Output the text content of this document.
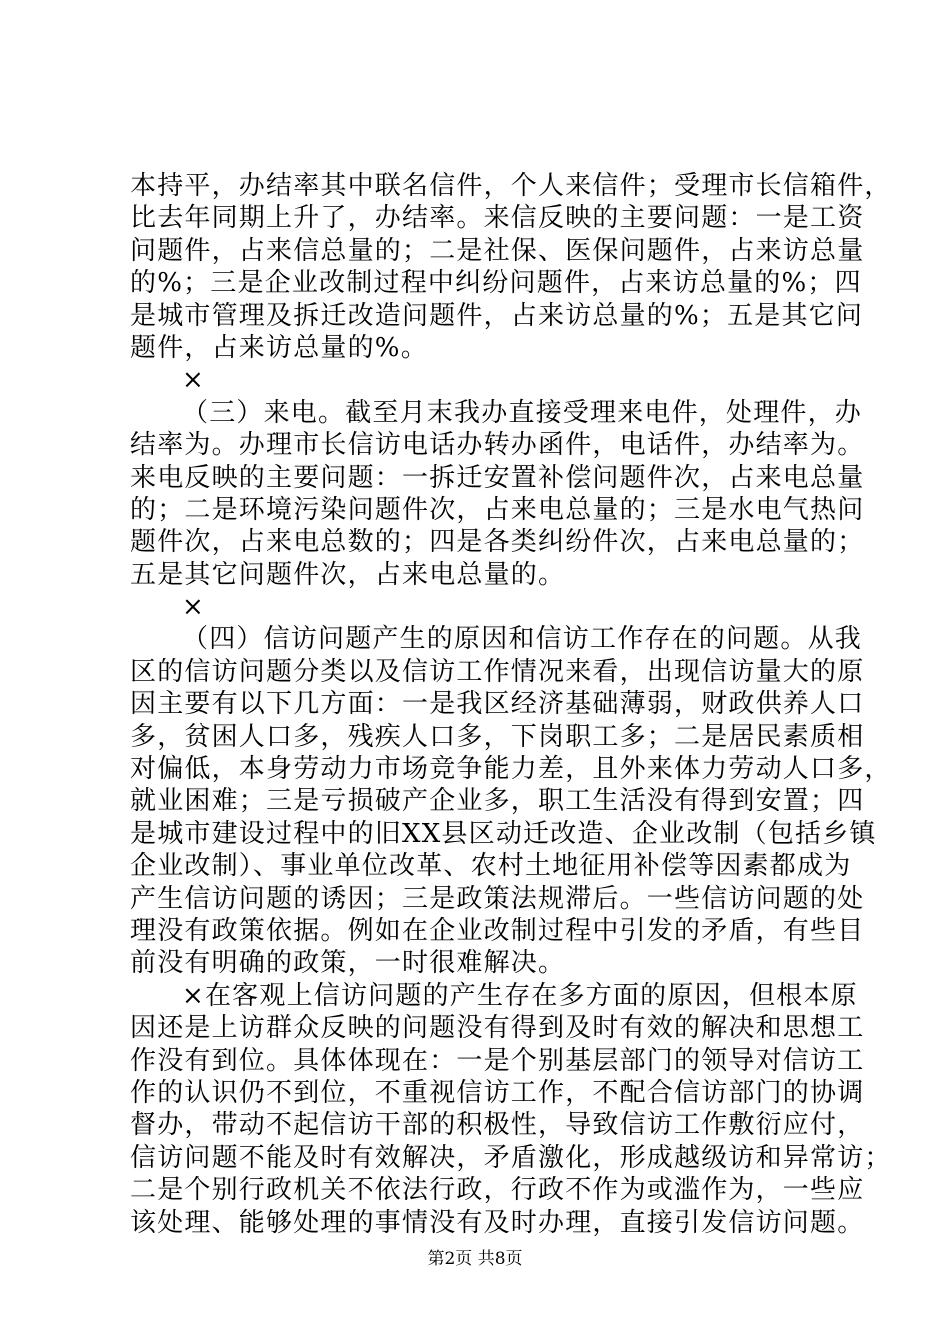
本持平，办结率其中联名信件，个人来信件；受理市长信箱件，
比去年同期上升了，办结率。来信反映的主要问题：一是工资
问题件，占来信总量的；二是社保、医保问题件，占来访总量
的%；三是企业改制过程中纠纷问题件，占来访总量的%；四
是城市管理及拆迁改造问题件，占来访总量的%；五是其它问
题件，占来访总量的%。
×
（三）来电。截至月末我办直接受理来电件，处理件，办
结率为。办理市长信访电话办转办函件，电话件，办结率为。
来电反映的主要问题：一拆迁安置补偿问题件次，占来电总量
的；二是环境污染问题件次，占来电总量的；三是水电气热问
题件次，占来电总数的；四是各类纠纷件次，占来电总量的；
五是其它问题件次，占来电总量的。
×
（四）信访问题产生的原因和信访工作存在的问题。从我
区的信访问题分类以及信访工作情况来看，出现信访量大的原
因主要有以下几方面：一是我区经济基础薄弱，财政供养人口
多，贫困人口多，残疾人口多，下岗职工多；二是居民素质相
对偏低，本身劳动力市场竞争能力差，且外来体力劳动人口多，
就业困难；三是亏损破产企业多，职工生活没有得到安置；四
是城市建设过程中的旧XX县区动迁改造、企业改制（包括乡镇
企业改制）、事业单位改革、农村土地征用补偿等因素都成为
产生信访问题的诱因；三是政策法规滞后。一些信访问题的处
理没有政策依据。例如在企业改制过程中引发的矛盾，有些目
前没有明确的政策，一时很难解决。
×在客观上信访问题的产生存在多方面的原因，但根本原
因还是上访群众反映的问题没有得到及时有效的解决和思想工
作没有到位。具体体现在：一是个别基层部门的领导对信访工
作的认识仍不到位，不重视信访工作，不配合信访部门的协调
督办，带动不起信访干部的积极性，导致信访工作敷衍应付，
信访问题不能及时有效解决，矛盾激化，形成越级访和异常访；
二是个别行政机关不依法行政，行政不作为或滥作为，一些应
该处理、能够处理的事情没有及时办理，直接引发信访问题。
第2页 共8页
